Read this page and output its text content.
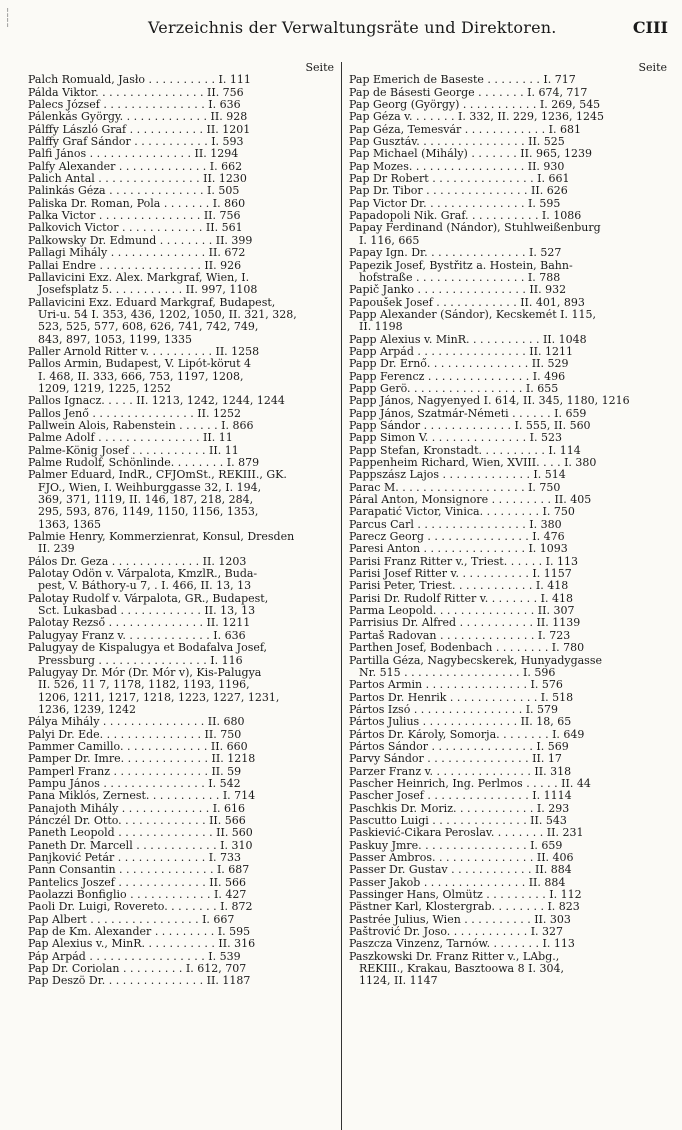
¦
¦	Verzeichnis der Verwaltungsräte und Direktoren.	CIII
Seite
Palch Romuald, Jasło . . . . . . . . . . I. 111
Pálda Viktor. . . . . . . . . . . . . . . . II. 756
Palecs József . . . . . . . . . . . . . . . I. 636
Pálenkás György. . . . . . . . . . . . . II. 928
Pálffy László Graf . . . . . . . . . . . II. 1201
Palffy Graf Sándor . . . . . . . . . . . I. 593
Palfi János . . . . . . . . . . . . . . . II. 1294
Palfy Alexander . . . . . . . . . . . . . I. 662
Palich Antal . . . . . . . . . . . . . . . II. 1230
Palinkás Géza . . . . . . . . . . . . . . I. 505
Paliska Dr. Roman, Pola . . . . . . . I. 860
Palka Victor . . . . . . . . . . . . . . . II. 756
Palkovich Victor . . . . . . . . . . . . II. 561
Palkowsky Dr. Edmund . . . . . . . . II. 399
Pallagi Mihály . . . . . . . . . . . . . . II. 672
Pallai Endre . . . . . . . . . . . . . . . II. 926
Pallavicini Exz. Alex. Markgraf, Wien, I.
Josefsplatz 5. . . . . . . . . . . II. 997, 1108
Pallavicini Exz. Eduard Markgraf, Budapest,
Uri-u. 54 I. 353, 436, 1202, 1050, II. 321, 328,
523, 525, 577, 608, 626, 741, 742, 749,
843, 897, 1053, 1199, 1335
Paller Arnold Ritter v. . . . . . . . . . II. 1258
Pallos Ármin, Budapest, V. Lipót-körut 4
I. 468, II. 333, 666, 753, 1197, 1208,
1209, 1219, 1225, 1252
Pallos Ignacz. . . . . II. 1213, 1242, 1244, 1244
Pallos Jenő . . . . . . . . . . . . . . . II. 1252
Pallwein Alois, Rabenstein . . . . . . I. 866
Palme Adolf . . . . . . . . . . . . . . . II. 11
Palme-König Josef . . . . . . . . . . . II. 11
Palme Rudolf, Schönlinde. . . . . . . . I. 879
Palmer Eduard, IndR., CFJOmSt., REKIII., GK.
FJO., Wien, I. Weihburggasse 32, I. 194,
369, 371, 1119, II. 146, 187, 218, 284,
295, 593, 876, 1149, 1150, 1156, 1353,
1363, 1365
Palmie Henry, Kommerzienrat, Konsul, Dresden
II. 239
Pálos Dr. Geza . . . . . . . . . . . . . II. 1203
Palotay Ödön v. Várpalota, KmzlR., Buda-
pest, V. Báthory-u 7, . I. 466, II. 13, 13
Palotay Rudolf v. Várpalota, GR., Budapest,
Sct. Lukasbad . . . . . . . . . . . . II. 13, 13
Palotay Rezső . . . . . . . . . . . . . . II. 1211
Palugyay Franz v. . . . . . . . . . . . . I. 636
Palugyay de Kispalugya et Bodafalva Josef,
Pressburg . . . . . . . . . . . . . . . . I. 116
Palugyay Dr. Mór (Dr. Mór v), Kis-Palugya
II. 526, 11 7, 1178, 1182, 1193, 1196,
1206, 1211, 1217, 1218, 1223, 1227, 1231,
1236, 1239, 1242
Pálya Mihály . . . . . . . . . . . . . . . II. 680
Palyi Dr. Ede. . . . . . . . . . . . . . . II. 750
Pammer Camillo. . . . . . . . . . . . . II. 660
Pamper Dr. Imre. . . . . . . . . . . . . II. 1218
Pamperl Franz . . . . . . . . . . . . . . II. 59
Pampu János . . . . . . . . . . . . . . . I. 542
Pana Miklós, Zernest. . . . . . . . . . . I. 714
Panajoth Mihály . . . . . . . . . . . . . I. 616
Pánczél Dr. Otto. . . . . . . . . . . . . II. 566
Paneth Leopold . . . . . . . . . . . . . . II. 560
Paneth Dr. Marcell . . . . . . . . . . . . I. 310
Panjković Petár . . . . . . . . . . . . . I. 733
Pann Consantin . . . . . . . . . . . . . . I. 687
Pantelics Joszef . . . . . . . . . . . . . II. 566
Paolazzi Bonfiglio . . . . . . . . . . . . I. 427
Paoli Dr. Luigi, Rovereto. . . . . . . . I. 872
Pap Albert . . . . . . . . . . . . . . . . I. 667
Pap de Km. Alexander . . . . . . . . . I. 595
Pap Alexius v., MinR. . . . . . . . . . . II. 316
Páp Árpád . . . . . . . . . . . . . . . . . I. 539
Pap Dr. Coriolan . . . . . . . . . I. 612, 707
Pap Deszö Dr. . . . . . . . . . . . . . . II. 1187
Seite
Pap Emerich de Baseste . . . . . . . . I. 717
Pap de Básesti George . . . . . . . I. 674, 717
Pap Georg (György) . . . . . . . . . . . I. 269, 545
Pap Géza v. . . . . . . I. 332, II. 229, 1236, 1245
Pap Géza, Temesvár . . . . . . . . . . . . I. 681
Pap Gusztáv. . . . . . . . . . . . . . . . II. 525
Pap Michael (Mihály) . . . . . . . II. 965, 1239
Pap Mozes. . . . . . . . . . . . . . . . . II. 930
Pap Dr Robert . . . . . . . . . . . . . . . I. 661
Pap Dr. Tibor . . . . . . . . . . . . . . . II. 626
Pap Victor Dr. . . . . . . . . . . . . . . I. 595
Papadopoli Nik. Graf. . . . . . . . . . . I. 1086
Papay Ferdinand (Nándor), Stuhlweißenburg
I. 116, 665
Papay Ign. Dr. . . . . . . . . . . . . . . I. 527
Papezik Josef, Bystřitz a. Hostein, Bahn-
hofstraße . . . . . . . . . . . . . . . . I. 788
Papič Janko . . . . . . . . . . . . . . . . II. 932
Papoušek Josef . . . . . . . . . . . . II. 401, 893
Papp Alexander (Sándor), Kecskemét I. 115,
II. 1198
Papp Alexius v. MinR. . . . . . . . . . . II. 1048
Papp Árpád . . . . . . . . . . . . . . . . II. 1211
Papp Dr. Ernő. . . . . . . . . . . . . . . II. 529
Papp Ferencz . . . . . . . . . . . . . . . I. 496
Papp Gerö. . . . . . . . . . . . . . . . . I. 655
Papp János, Nagyenyed I. 614, II. 345, 1180, 1216
Papp János, Szatmár-Németi . . . . . . I. 659
Papp Sándor . . . . . . . . . . . . . I. 555, II. 560
Papp Simon V. . . . . . . . . . . . . . . I. 523
Papp Stefan, Kronstadt. . . . . . . . . . I. 114
Pappenheim Richard, Wien, XVIII. . . . I. 380
Pappszász Lajos . . . . . . . . . . . . . I. 514
Parac M. . . . . . . . . . . . . . . . . . . I. 750
Páral Anton, Monsignore . . . . . . . . . II. 405
Parapatić Victor, Vinica. . . . . . . . . I. 750
Parcus Carl . . . . . . . . . . . . . . . . I. 380
Parecz Georg . . . . . . . . . . . . . . . I. 476
Paresi Anton . . . . . . . . . . . . . . . I. 1093
Parisi Franz Ritter v., Triest. . . . . . I. 113
Parisi Josef Ritter v. . . . . . . . . . . I. 1157
Parisi Peter, Triest. . . . . . . . . . . . I. 418
Parisi Dr. Rudolf Ritter v. . . . . . . . I. 418
Parma Leopold. . . . . . . . . . . . . . . II. 307
Parrisius Dr. Alfred . . . . . . . . . . . II. 1139
Partaš Radovan . . . . . . . . . . . . . . I. 723
Parthen Josef, Bodenbach . . . . . . . . I. 780
Partilla Géza, Nagybecskerek, Hunyadygasse
Nr. 515 . . . . . . . . . . . . . . . . . I. 596
Partos Armin . . . . . . . . . . . . . . . I. 576
Partos Dr. Henrik . . . . . . . . . . . . . I. 518
Pártos Izsó . . . . . . . . . . . . . . . . I. 579
Pártos Julius . . . . . . . . . . . . . . II. 18, 65
Pártos Dr. Károly, Somorja. . . . . . . . I. 649
Pártos Sándor . . . . . . . . . . . . . . . I. 569
Parvy Sándor . . . . . . . . . . . . . . . II. 17
Parzer Franz v. . . . . . . . . . . . . . . II. 318
Pascher Heinrich, Ing. Perlmos . . . . . II. 44
Pascher Josef . . . . . . . . . . . . . . . I. 1114
Paschkis Dr. Moriz. . . . . . . . . . . . I. 293
Pascutto Luigi . . . . . . . . . . . . . . II. 543
Paskiević-Čikara Peroslav. . . . . . . . II. 231
Paskuy Jmre. . . . . . . . . . . . . . . . I. 659
Passer Ambros. . . . . . . . . . . . . . . II. 406
Passer Dr. Gustav . . . . . . . . . . . . II. 884
Passer Jakob . . . . . . . . . . . . . . . II. 884
Passinger Hans, Olmütz . . . . . . . . . I. 112
Pästner Karl, Klostergrab. . . . . . . . I. 823
Pastrée Julius, Wien . . . . . . . . . . II. 303
Paštrović Dr. Joso. . . . . . . . . . . . I. 327
Paszcza Vinzenz, Tarnów. . . . . . . . I. 113
Paszkowski Dr. Franz Ritter v., LAbg.,
REKIII., Krakau, Basztoowa 8 I. 304,
1124, II. 1147
